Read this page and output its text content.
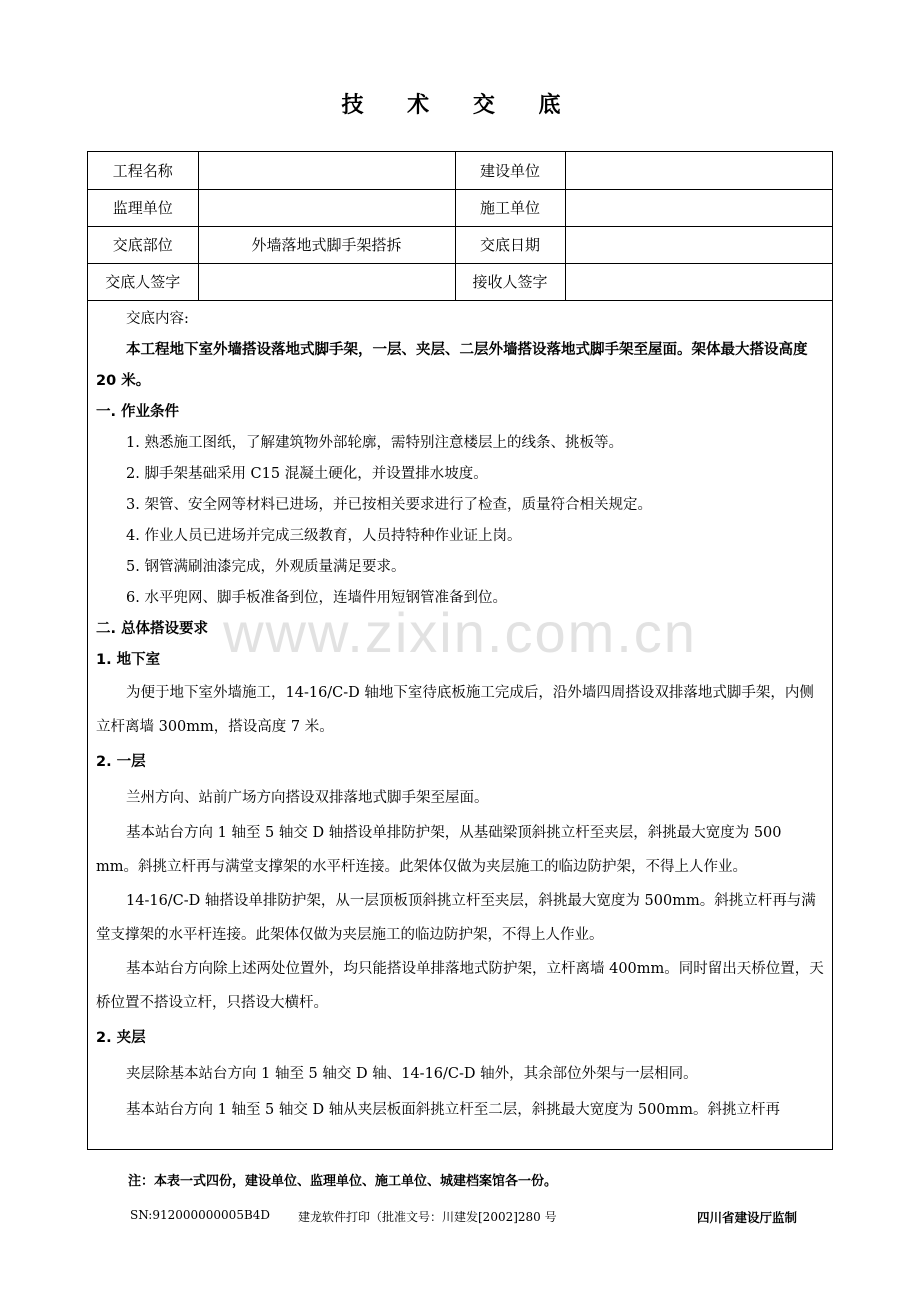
技 术 交 底
工程名称		建设单位	
监理单位		施工单位	
交底部位	外墙落地式脚手架搭拆	交底日期	
交底人签字		接收人签字	

交底内容:

本工程地下室外墙搭设落地式脚手架，一层、夹层、二层外墙搭设落地式脚手架至屋面。架体最大搭设高度 20 米。

一. 作业条件

1. 熟悉施工图纸，了解建筑物外部轮廓，需特别注意楼层上的线条、挑板等。

2. 脚手架基础采用 C15 混凝土硬化，并设置排水坡度。

3. 架管、安全网等材料已进场，并已按相关要求进行了检查，质量符合相关规定。

4. 作业人员已进场并完成三级教育，人员持特种作业证上岗。

5. 钢管满刷油漆完成，外观质量满足要求。

6. 水平兜网、脚手板准备到位，连墙件用短钢管准备到位。

二. 总体搭设要求

1. 地下室

为便于地下室外墙施工，14-16/C-D 轴地下室待底板施工完成后，沿外墙四周搭设双排落地式脚手架，内侧立杆离墙 300mm，搭设高度 7 米。

2. 一层

兰州方向、站前广场方向搭设双排落地式脚手架至屋面。

基本站台方向 1 轴至 5 轴交 D 轴搭设单排防护架，从基础梁顶斜挑立杆至夹层，斜挑最大宽度为 500 mm。斜挑立杆再与满堂支撑架的水平杆连接。此架体仅做为夹层施工的临边防护架，不得上人作业。

14-16/C-D 轴搭设单排防护架，从一层顶板顶斜挑立杆至夹层，斜挑最大宽度为 500mm。斜挑立杆再与满堂支撑架的水平杆连接。此架体仅做为夹层施工的临边防护架，不得上人作业。

基本站台方向除上述两处位置外，均只能搭设单排落地式防护架，立杆离墙 400mm。同时留出天桥位置，天桥位置不搭设立杆，只搭设大横杆。

2. 夹层

夹层除基本站台方向 1 轴至 5 轴交 D 轴、14-16/C-D 轴外，其余部位外架与一层相同。

基本站台方向 1 轴至 5 轴交 D 轴从夹层板面斜挑立杆至二层，斜挑最大宽度为 500mm。斜挑立杆再

www.zixin.com.cn
注：本表一式四份，建设单位、监理单位、施工单位、城建档案馆各一份。
SN:912000000005B4D 建龙软件打印（批准文号：川建发[2002]280 号	四川省建设厅监制
